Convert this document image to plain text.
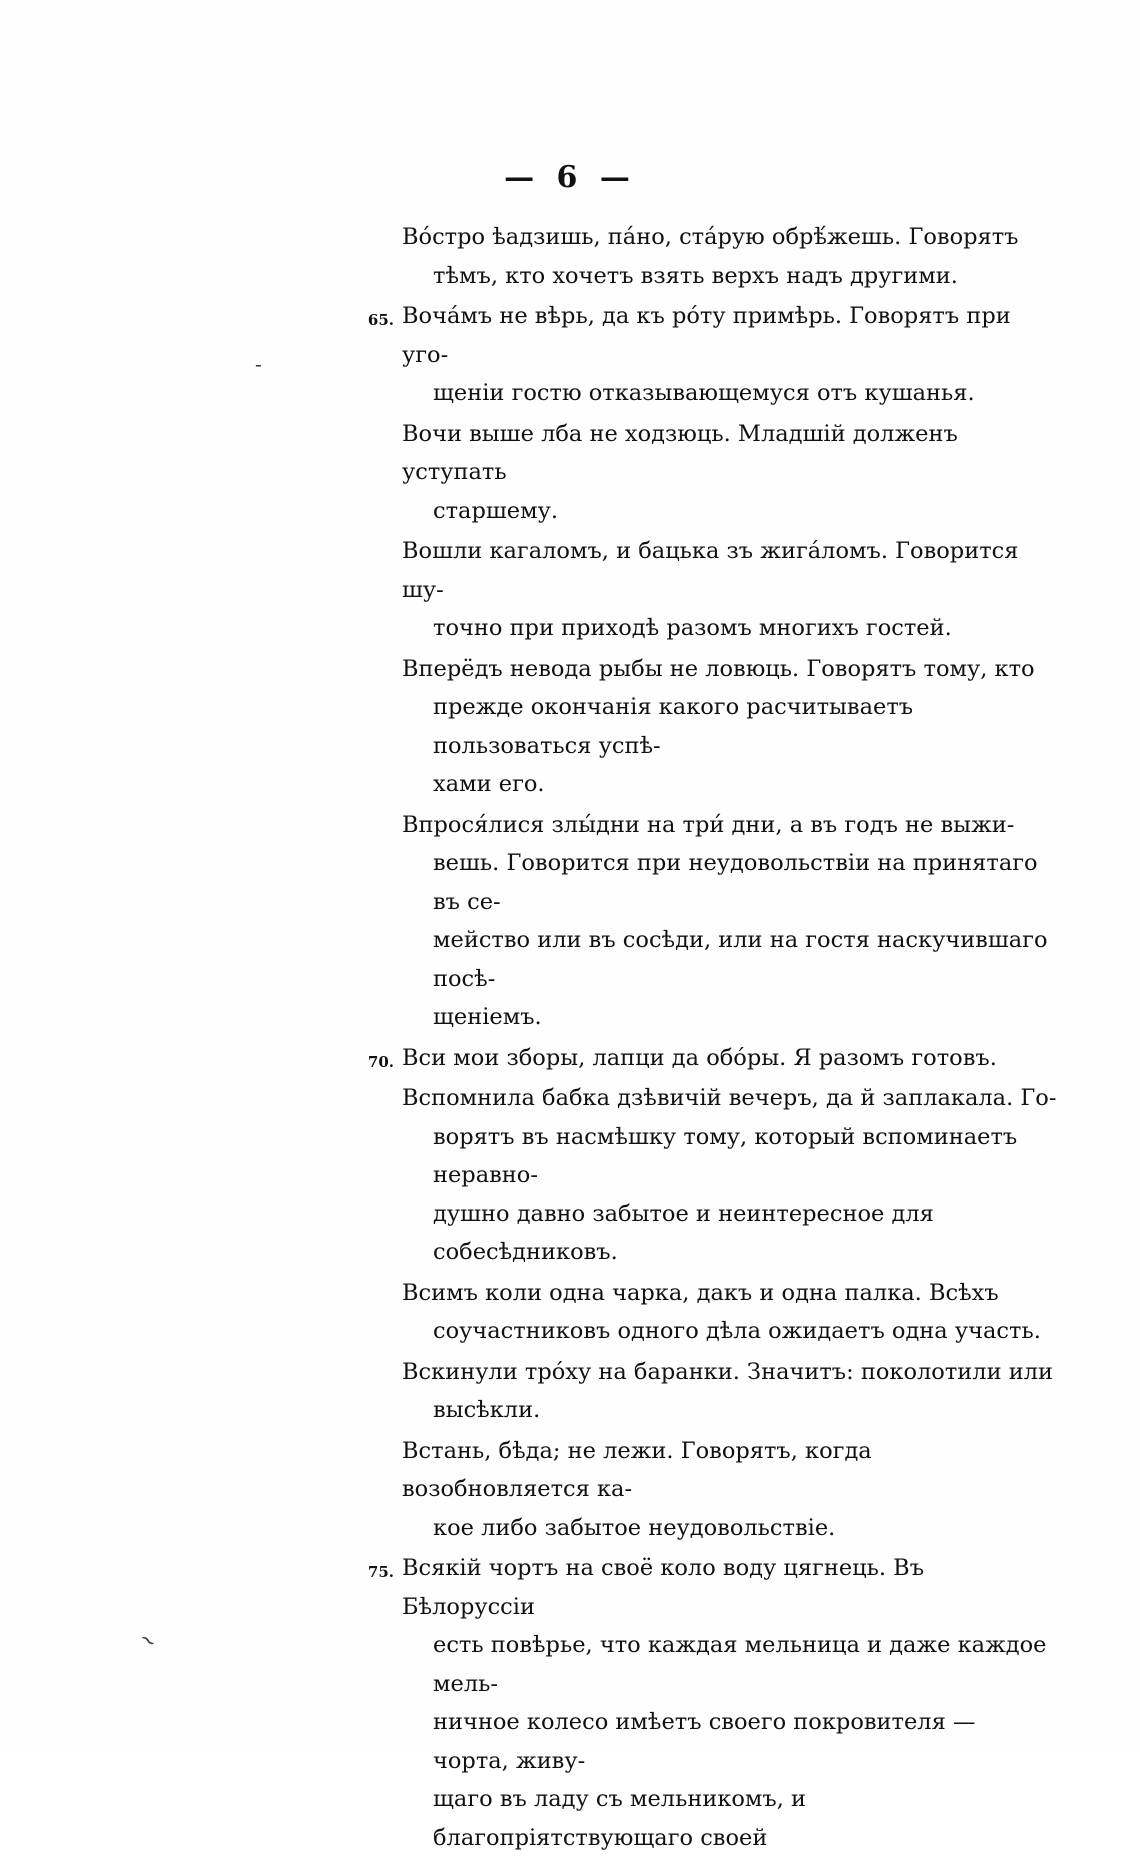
— 6 —
Во́стро ѣадзишь, па́но, ста́рую обрѣ́жешь. Говорятъ
тѣмъ, кто хочетъ взять верхъ надъ другими.
65. Вочáмъ не вѣрь, да къ рóту примѣрь. Говорятъ при уго-
щеніи гостю отказывающемуся отъ кушанья.
Вочи выше лба не ходзюць. Младшій долженъ уступать
старшему.
Вошли кагаломъ, и бацька зъ жигáломъ. Говорится шу-
точно при приходѣ разомъ многихъ гостей.
Вперёдъ невода рыбы не ловюць. Говорятъ тому, кто
прежде окончанія какого расчитываетъ пользоваться успѣ-
хами его.
Впрося́лися злы́дни на три́ дни, а въ годъ не выжи-
вешь. Говорится при неудовольствіи на принятаго въ се-
мейство или въ сосѣди, или на гостя наскучившаго посѣ-
щеніемъ.
70. Вси мои зборы, лапци да обóры. Я разомъ готовъ.
Вспомнила бабка дзѣвичій вечеръ, да й заплакала. Го-
ворятъ въ насмѣшку тому, который вспоминаетъ неравно-
душно давно забытое и неинтересное для собесѣдниковъ.
Всимъ коли одна чарка, дакъ и одна палка. Всѣхъ
соучастниковъ одного дѣла ожидаетъ одна участь.
Вскинули трóху на баранки. Значитъ: поколотили или
высѣкли.
Встань, бѣда; не лежи. Говорятъ, когда возобновляется ка-
кое либо забытое неудовольствіе.
75. Всякій чортъ на своё коло воду цягнець. Въ Бѣлоруссіи
есть повѣрье, что каждая мельница и даже каждое мель-
ничное колесо имѣетъ своего покровителя — чорта, живу-
щаго въ ладу съ мельникомъ, и благопріятствующаго своей
-
~
